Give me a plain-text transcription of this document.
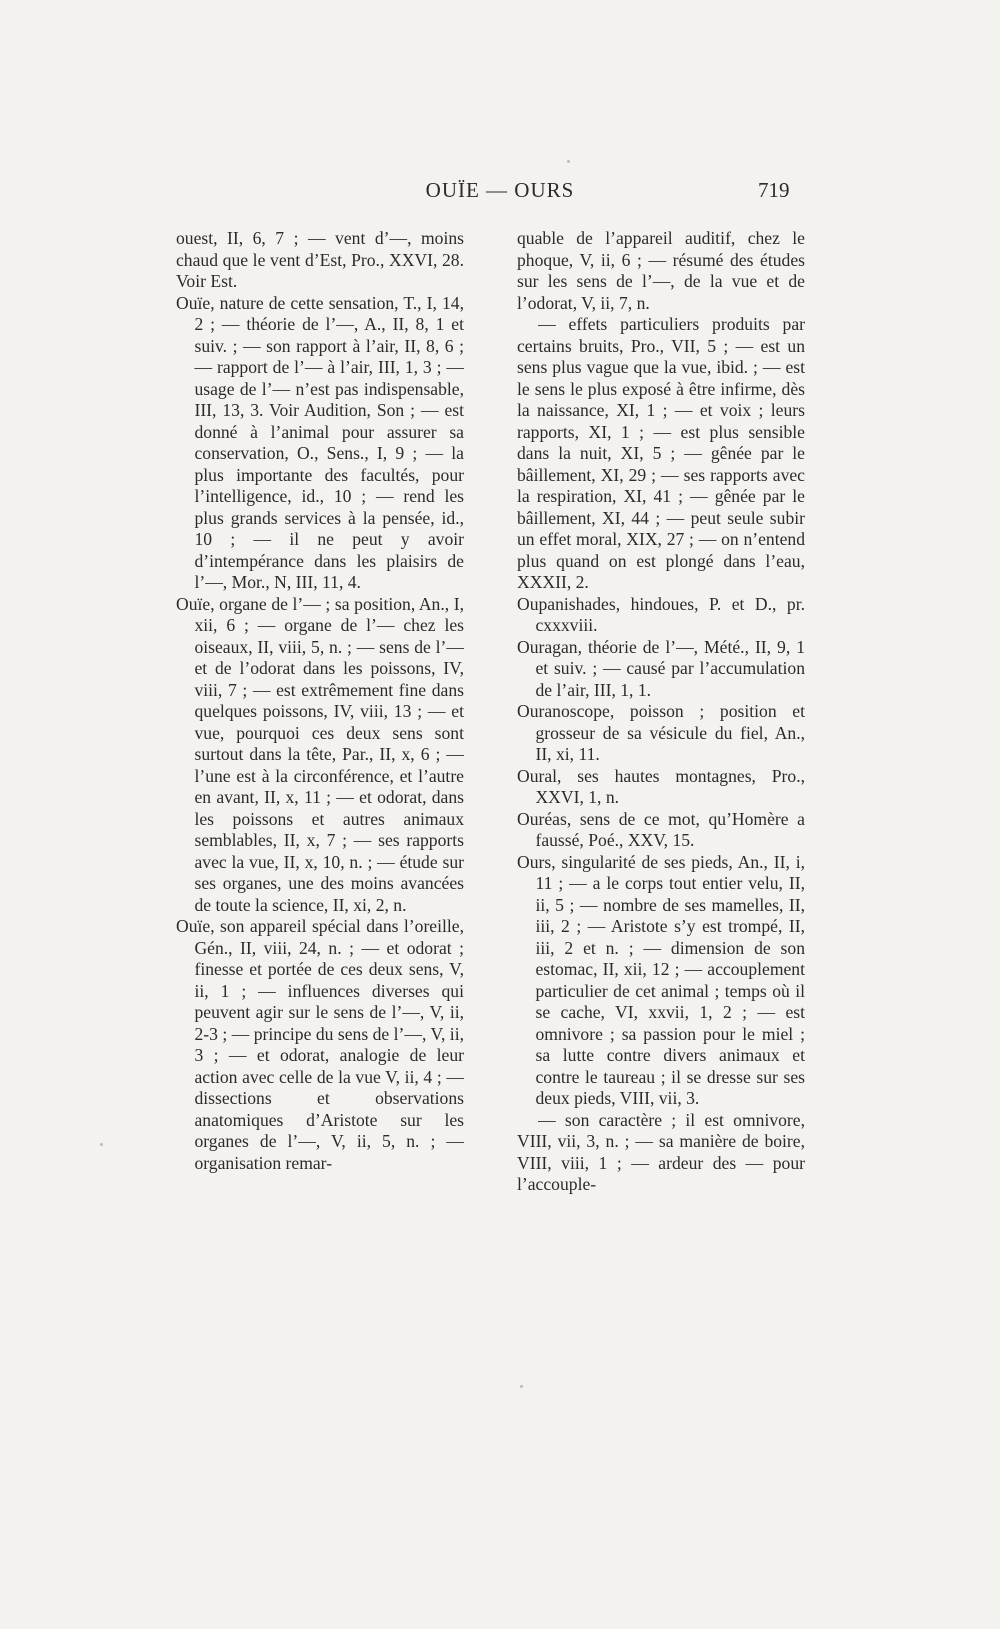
OUÏE — OURS	719

ouest, II, 6, 7 ; — vent d’—, moins chaud que le vent d’Est, Pro., XXVI, 28. Voir Est.

Ouïe, nature de cette sensation, T., I, 14, 2 ; — théorie de l’—, A., II, 8, 1 et suiv. ; — son rapport à l’air, II, 8, 6 ; — rapport de l’— à l’air, III, 1, 3 ; — usage de l’— n’est pas indispensable, III, 13, 3. Voir Audition, Son ; — est donné à l’animal pour assurer sa conservation, O., Sens., I, 9 ; — la plus importante des facultés, pour l’intelligence, id., 10 ; — rend les plus grands services à la pensée, id., 10 ; — il ne peut y avoir d’intempérance dans les plaisirs de l’—, Mor., N, III, 11, 4.

Ouïe, organe de l’— ; sa position, An., I, xii, 6 ; — organe de l’— chez les oiseaux, II, viii, 5, n. ; — sens de l’— et de l’odorat dans les poissons, IV, viii, 7 ; — est extrêmement fine dans quelques poissons, IV, viii, 13 ; — et vue, pourquoi ces deux sens sont surtout dans la tête, Par., II, x, 6 ; — l’une est à la circonférence, et l’autre en avant, II, x, 11 ; — et odorat, dans les poissons et autres animaux semblables, II, x, 7 ; — ses rapports avec la vue, II, x, 10, n. ; — étude sur ses organes, une des moins avancées de toute la science, II, xi, 2, n.

Ouïe, son appareil spécial dans l’oreille, Gén., II, viii, 24, n. ; — et odorat ; finesse et portée de ces deux sens, V, ii, 1 ; — influences diverses qui peuvent agir sur le sens de l’—, V, ii, 2-3 ; — principe du sens de l’—, V, ii, 3 ; — et odorat, analogie de leur action avec celle de la vue V, ii, 4 ; — dissections et observations anatomiques d’Aristote sur les organes de l’—, V, ii, 5, n. ; — organisation remar-

quable de l’appareil auditif, chez le phoque, V, ii, 6 ; — résumé des études sur les sens de l’—, de la vue et de l’odorat, V, ii, 7, n.

— effets particuliers produits par certains bruits, Pro., VII, 5 ; — est un sens plus vague que la vue, ibid. ; — est le sens le plus exposé à être infirme, dès la naissance, XI, 1 ; — et voix ; leurs rapports, XI, 1 ; — est plus sensible dans la nuit, XI, 5 ; — gênée par le bâillement, XI, 29 ; — ses rapports avec la respiration, XI, 41 ; — gênée par le bâillement, XI, 44 ; — peut seule subir un effet moral, XIX, 27 ; — on n’entend plus quand on est plongé dans l’eau, XXXII, 2.

Oupanishades, hindoues, P. et D., pr. cxxxviii.

Ouragan, théorie de l’—, Mété., II, 9, 1 et suiv. ; — causé par l’accumulation de l’air, III, 1, 1.

Ouranoscope, poisson ; position et grosseur de sa vésicule du fiel, An., II, xi, 11.

Oural, ses hautes montagnes, Pro., XXVI, 1, n.

Ouréas, sens de ce mot, qu’Homère a faussé, Poé., XXV, 15.

Ours, singularité de ses pieds, An., II, i, 11 ; — a le corps tout entier velu, II, ii, 5 ; — nombre de ses mamelles, II, iii, 2 ; — Aristote s’y est trompé, II, iii, 2 et n. ; — dimension de son estomac, II, xii, 12 ; — accouplement particulier de cet animal ; temps où il se cache, VI, xxvii, 1, 2 ; — est omnivore ; sa passion pour le miel ; sa lutte contre divers animaux et contre le taureau ; il se dresse sur ses deux pieds, VIII, vii, 3.

— son caractère ; il est omnivore, VIII, vii, 3, n. ; — sa manière de boire, VIII, viii, 1 ; — ardeur des — pour l’accouple-
